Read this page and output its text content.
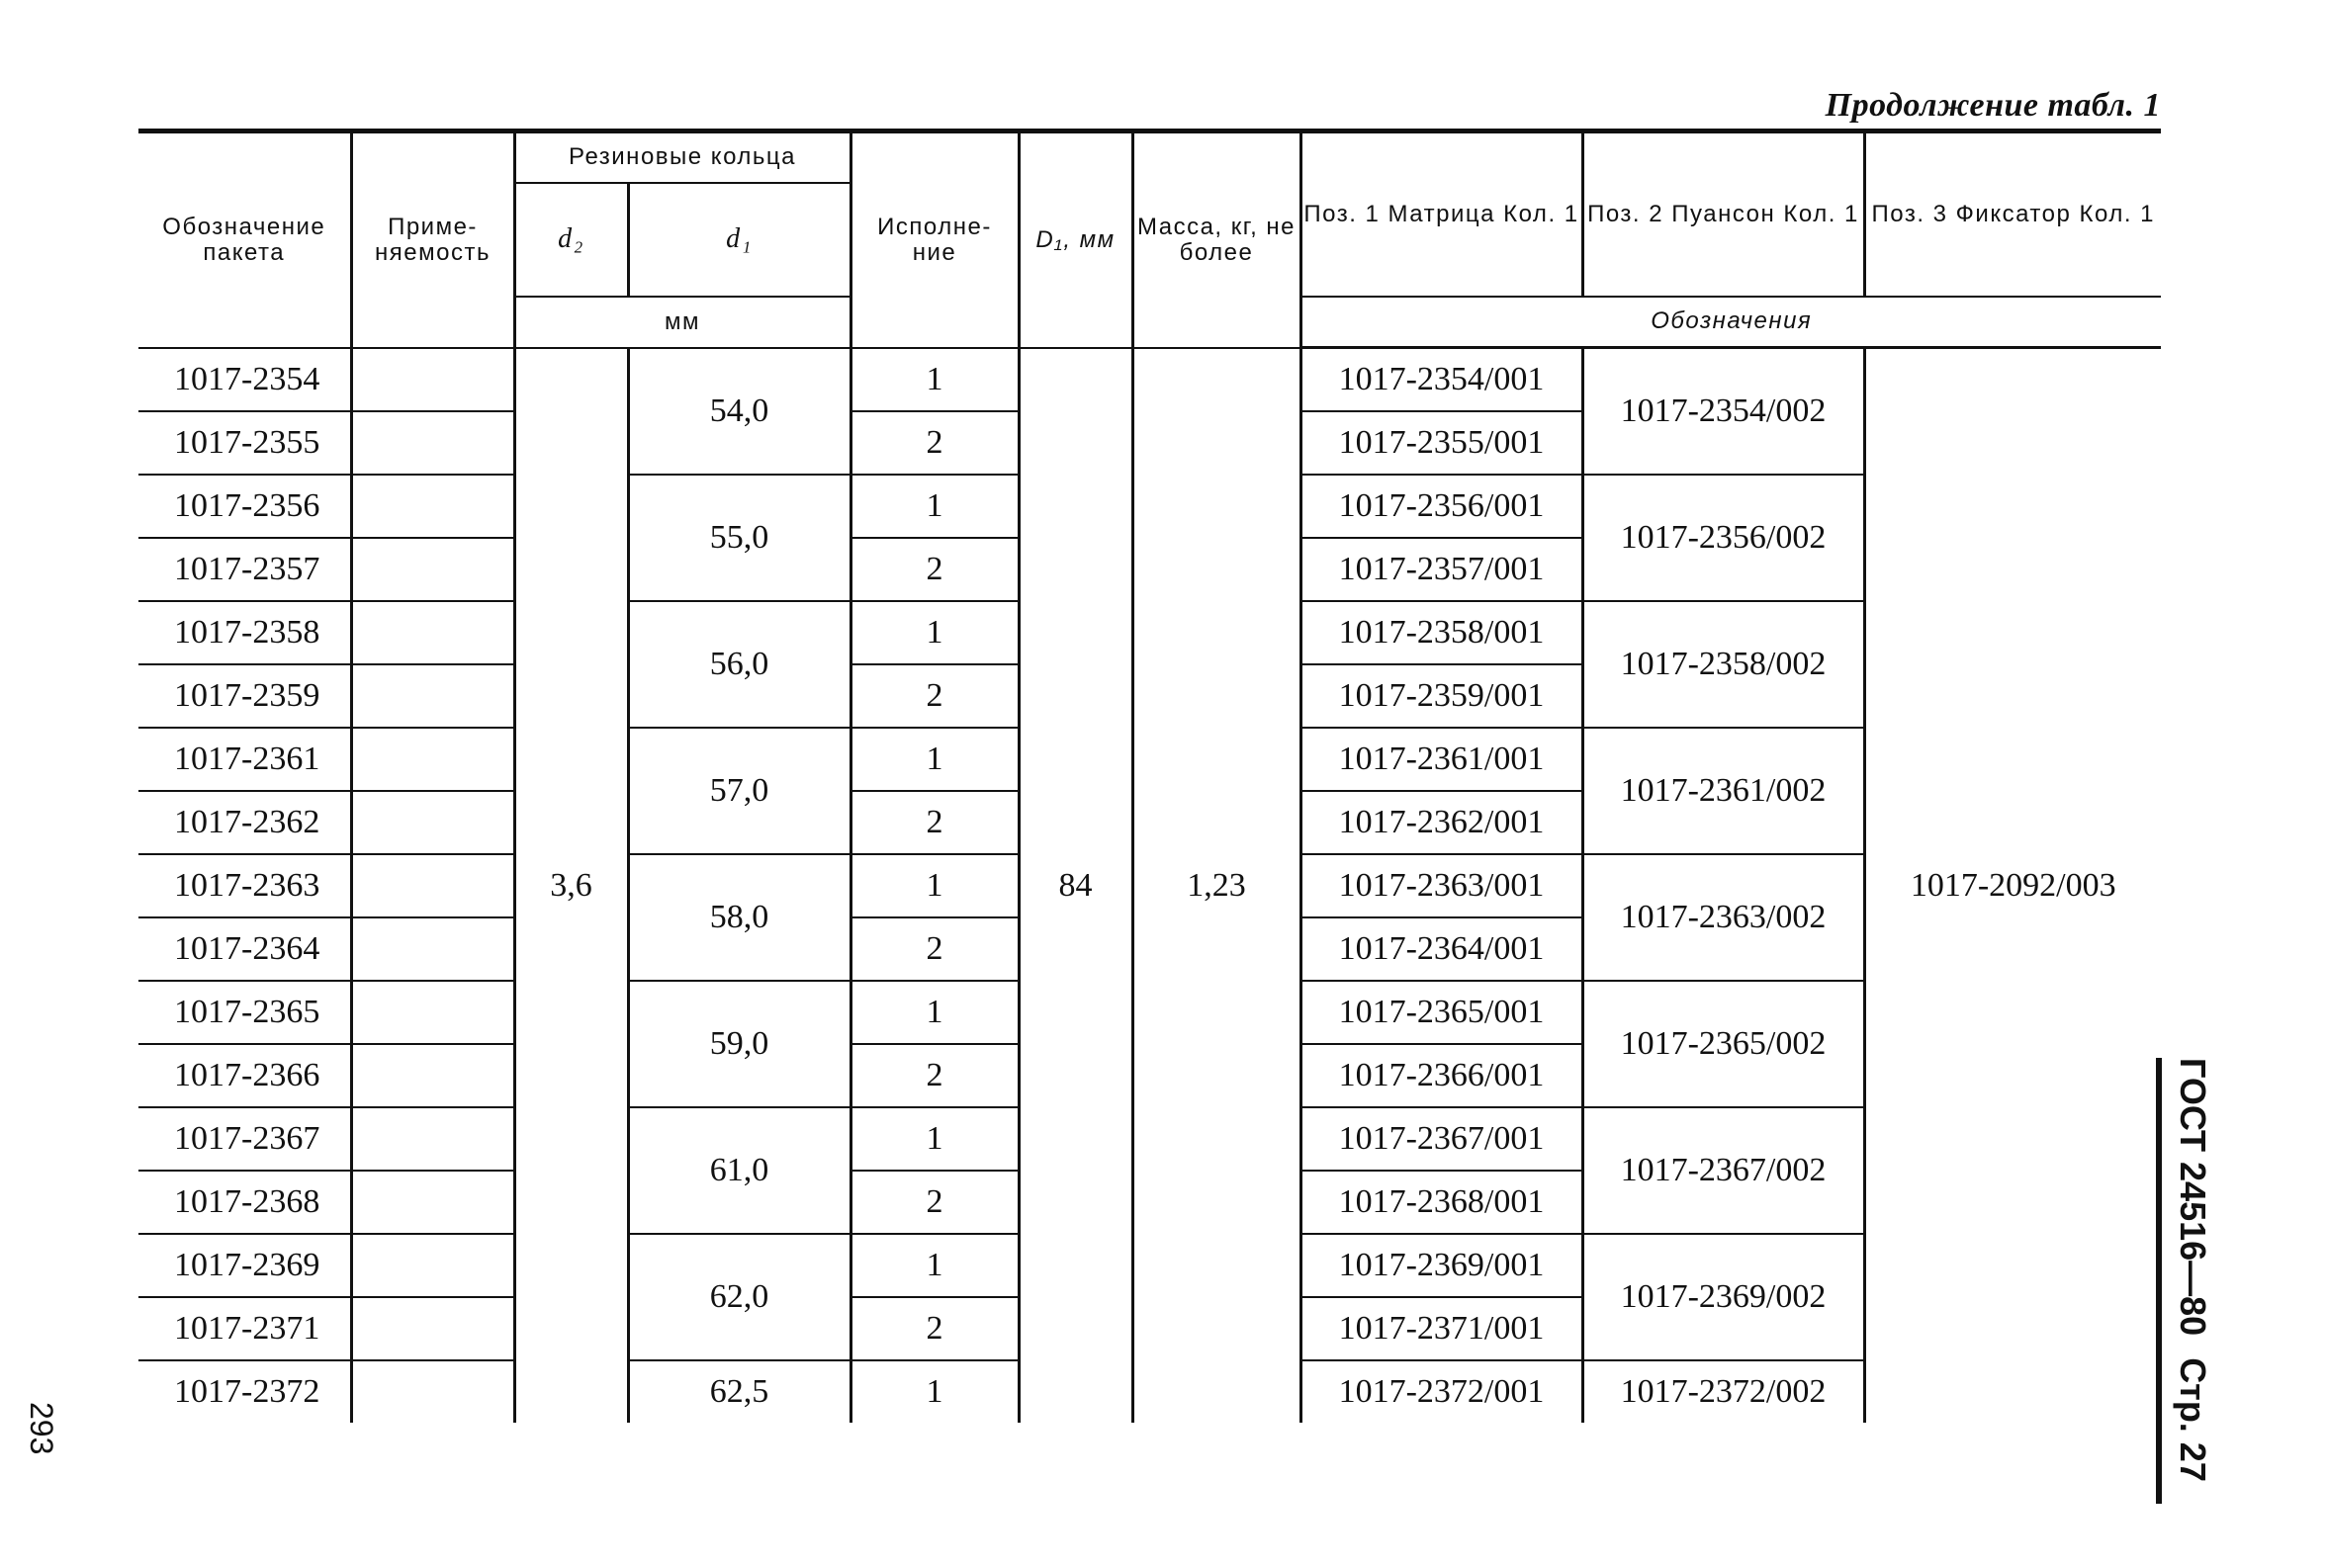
Продолжение табл. 1
Обозначение пакета	Приме- няемость	Резиновые кольца		Исполне- ние	D₁, мм	Масса, кг, не более	Поз. 1 Матрица Кол. 1	Поз. 2 Пуансон Кол. 1	Поз. 3 Фиксатор Кол. 1
		d₂	d₁						
		мм					Обозначения		
1017-2354		3,6	54,0	1	84	1,23	1017-2354/001	1017-2354/002	1017-2092/003
1017-2355				2			1017-2355/001		
1017-2356			55,0	1			1017-2356/001	1017-2356/002	
1017-2357				2			1017-2357/001		
1017-2358			56,0	1			1017-2358/001	1017-2358/002	
1017-2359				2			1017-2359/001		
1017-2361			57,0	1			1017-2361/001	1017-2361/002	
1017-2362				2			1017-2362/001		
1017-2363			58,0	1			1017-2363/001	1017-2363/002	
1017-2364				2			1017-2364/001		
1017-2365			59,0	1			1017-2365/001	1017-2365/002	
1017-2366				2			1017-2366/001		
1017-2367			61,0	1			1017-2367/001	1017-2367/002	
1017-2368				2			1017-2368/001		
1017-2369			62,0	1			1017-2369/001	1017-2369/002	
1017-2371				2			1017-2371/001		
1017-2372			62,5	1			1017-2372/001	1017-2372/002	
293
ГОСТ 24516—80Стр. 27
